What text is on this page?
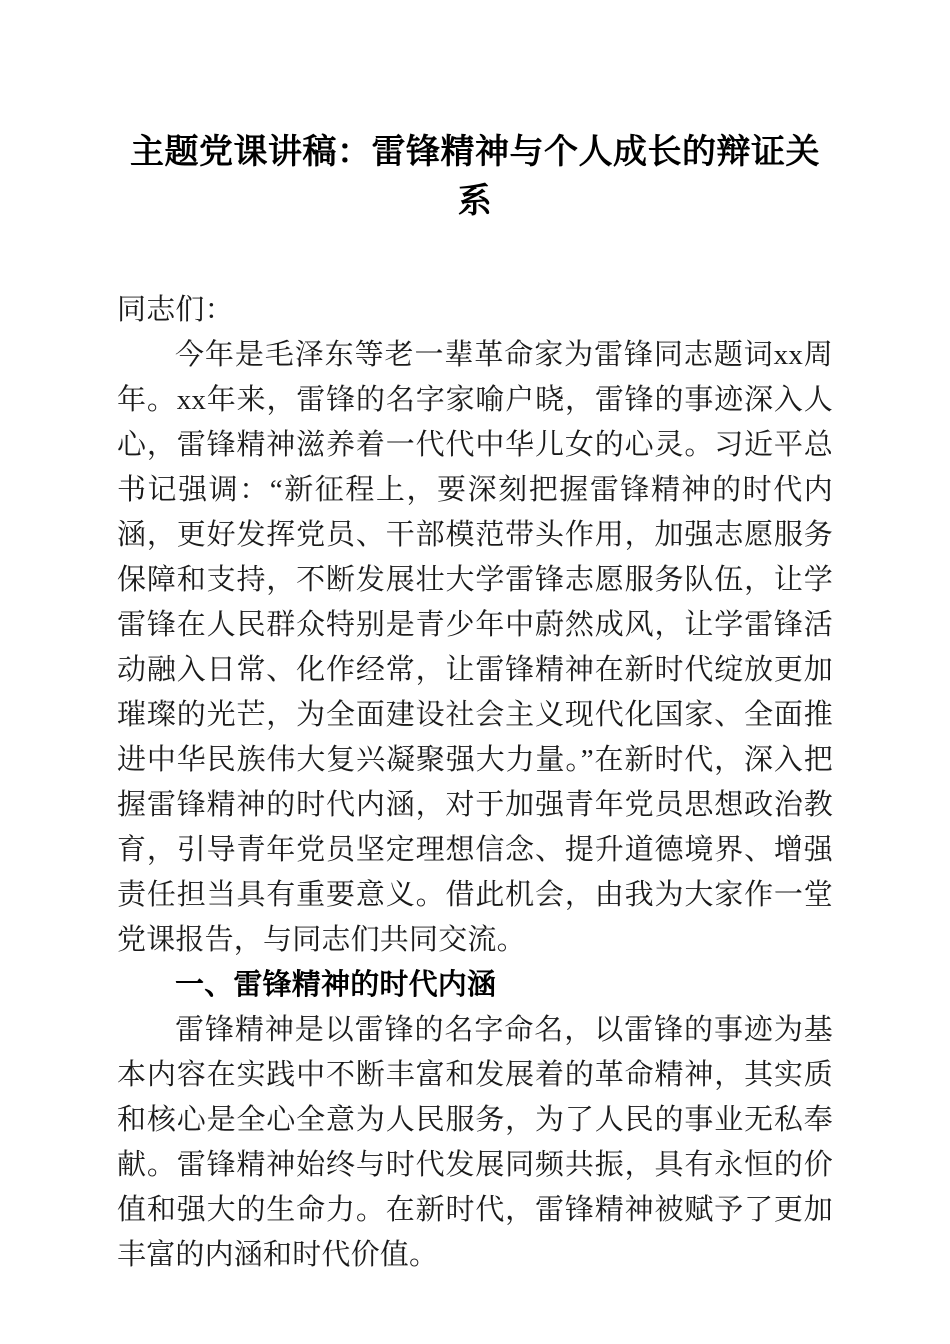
主题党课讲稿：雷锋精神与个人成长的辩证关系

同志们：

今年是毛泽东等老一辈革命家为雷锋同志题词xx周年。xx年来，雷锋的名字家喻户晓，雷锋的事迹深入人心，雷锋精神滋养着一代代中华儿女的心灵。习近平总书记强调：“新征程上，要深刻把握雷锋精神的时代内涵，更好发挥党员、干部模范带头作用，加强志愿服务保障和支持，不断发展壮大学雷锋志愿服务队伍，让学雷锋在人民群众特别是青少年中蔚然成风，让学雷锋活动融入日常、化作经常，让雷锋精神在新时代绽放更加璀璨的光芒，为全面建设社会主义现代化国家、全面推进中华民族伟大复兴凝聚强大力量。”在新时代，深入把握雷锋精神的时代内涵，对于加强青年党员思想政治教育，引导青年党员坚定理想信念、提升道德境界、增强责任担当具有重要意义。借此机会，由我为大家作一堂党课报告，与同志们共同交流。

一、雷锋精神的时代内涵

雷锋精神是以雷锋的名字命名，以雷锋的事迹为基本内容在实践中不断丰富和发展着的革命精神，其实质和核心是全心全意为人民服务，为了人民的事业无私奉献。雷锋精神始终与时代发展同频共振，具有永恒的价值和强大的生命力。在新时代，雷锋精神被赋予了更加丰富的内涵和时代价值。
